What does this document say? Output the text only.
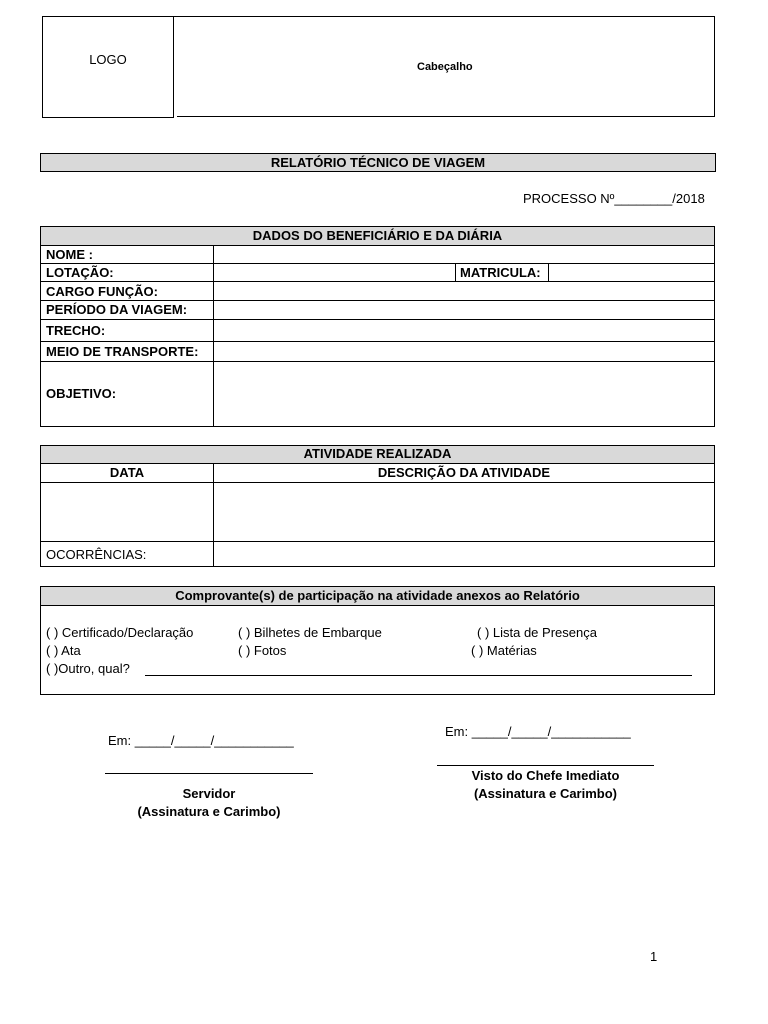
LOGO	Cabeçalho
RELATÓRIO TÉCNICO DE VIAGEM
PROCESSO Nº________/2018
DADOS DO BENEFICIÁRIO E DA DIÁRIA
NOME :
LOTAÇÃO:	MATRICULA:
CARGO FUNÇÃO:
PERÍODO DA VIAGEM:
TRECHO:
MEIO DE TRANSPORTE:
OBJETIVO:
ATIVIDADE REALIZADA
DATA	DESCRIÇÃO DA ATIVIDADE
OCORRÊNCIAS:
Comprovante(s) de participação na atividade anexos ao Relatório
( ) Certificado/Declaração	( ) Bilhetes de Embarque	( ) Lista de Presença
( ) Ata	( ) Fotos	( ) Matérias
( )Outro, qual?
Em: _____/_____/___________
Servidor
(Assinatura e Carimbo)
Em: _____/_____/___________
Visto do Chefe Imediato
(Assinatura e Carimbo)
1
